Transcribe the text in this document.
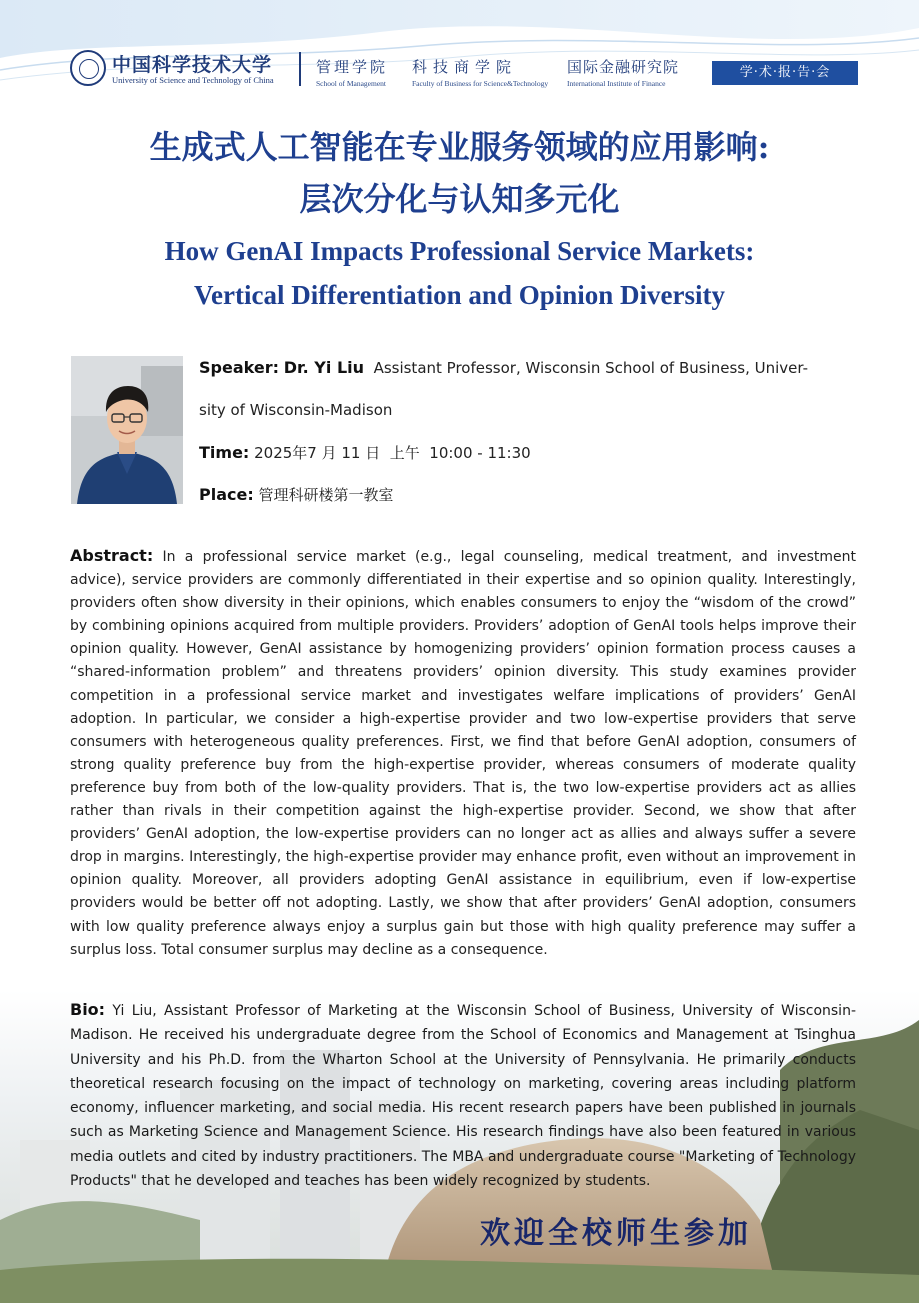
中国科学技术大学
University of Science and Technology of China
管理学院
School of Management
科技商学院
Faculty of Business for Science&Technology
国际金融研究院
International Institute of Finance
学·术·报·告·会
生成式人工智能在专业服务领域的应用影响:
层次分化与认知多元化
How GenAI Impacts Professional Service Markets:
Vertical Differentiation and Opinion Diversity
Speaker: Dr. Yi Liu Assistant Professor, Wisconsin School of Business, Univer-
sity of Wisconsin-Madison
Time: 2025年7 月 11 日  上午  10:00 - 11:30
Place: 管理科研楼第一教室
Abstract: In a professional service market (e.g., legal counseling, medical treatment, and investment advice), service providers are commonly differentiated in their expertise and so opinion quality. Interestingly, providers often show diversity in their opinions, which enables consumers to enjoy the “wisdom of the crowd” by combining opinions acquired from multiple providers. Providers’ adoption of GenAI tools helps improve their opinion quality. However, GenAI assistance by homogenizing providers’ opinion formation process causes a “shared-information problem” and threatens providers’ opinion diversity. This study examines provider competition in a professional service market and investigates welfare implications of providers’ GenAI adoption. In particular, we consider a high-expertise provider and two low-expertise providers that serve consumers with heterogeneous quality preferences. First, we find that before GenAI adoption, consumers of strong quality preference buy from the high-expertise provider, whereas consumers of moderate quality preference buy from both of the low-quality providers. That is, the two low-expertise providers act as allies rather than rivals in their competition against the high-expertise provider. Second, we show that after providers’ GenAI adoption, the low-expertise providers can no longer act as allies and always suffer a severe drop in margins. Interestingly, the high-expertise provider may enhance profit, even without an improvement in opinion quality. Moreover, all providers adopting GenAI assistance in equilibrium, even if low-expertise providers would be better off not adopting. Lastly, we show that after providers’ GenAI adoption, consumers with low quality preference always enjoy a surplus gain but those with high quality preference may suffer a surplus loss. Total consumer surplus may decline as a consequence.
Bio: Yi Liu, Assistant Professor of Marketing at the Wisconsin School of Business, University of Wisconsin-Madison. He received his undergraduate degree from the School of Economics and Management at Tsinghua University and his Ph.D. from the Wharton School at the University of Pennsylvania. He primarily conducts theoretical research focusing on the impact of technology on marketing, covering areas including platform economy, influencer marketing, and social media. His recent research papers have been published in journals such as Marketing Science and Management Science. His research findings have also been featured in various media outlets and cited by industry practitioners. The MBA and undergraduate course "Marketing of Technology Products" that he developed and teaches has been widely recognized by students.
欢迎全校师生参加
